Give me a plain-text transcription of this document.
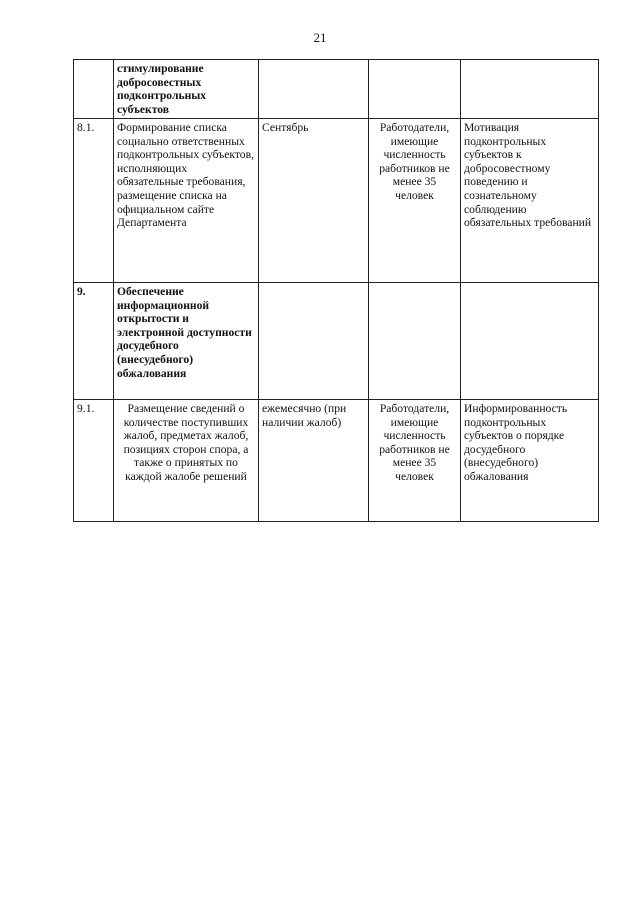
21
	стимулирование добросовестных подконтрольных субъектов			
8.1.	Формирование списка социально ответственных подконтрольных субъектов, исполняющих обязательные требования, размещение списка на официальном сайте Департамента	Сентябрь	Работодатели, имеющие численность работников не менее 35 человек	Мотивация подконтрольных субъектов к добросовестному поведению и сознательному соблюдению обязательных требований
9.	Обеспечение информационной открытости и электронной доступности досудебного (внесудебного) обжалования			
9.1.	Размещение сведений о количестве поступивших жалоб, предметах жалоб, позициях сторон спора, а также о принятых по каждой жалобе решений	ежемесячно (при наличии жалоб)	Работодатели, имеющие численность работников не менее 35 человек	Информированность подконтрольных субъектов о порядке досудебного (внесудебного) обжалования
